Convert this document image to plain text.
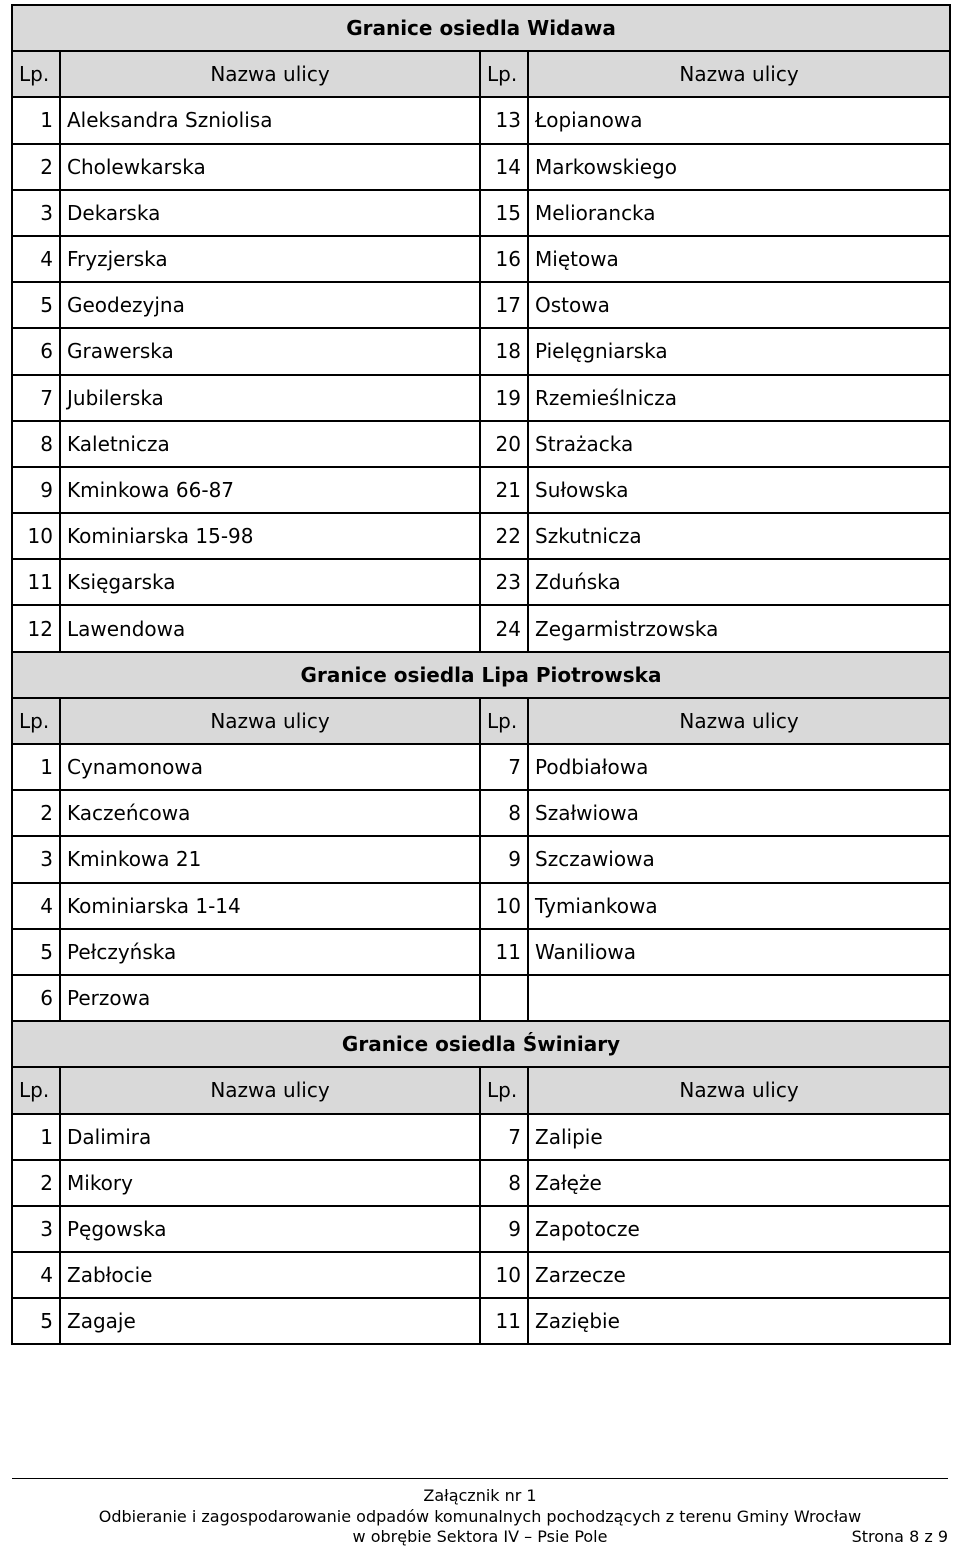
Granice osiedla Widawa			
Lp.	Nazwa ulicy	Lp.	Nazwa ulicy
1	Aleksandra Szniolisa	13	Łopianowa
2	Cholewkarska	14	Markowskiego
3	Dekarska	15	Meliorancka
4	Fryzjerska	16	Miętowa
5	Geodezyjna	17	Ostowa
6	Grawerska	18	Pielęgniarska
7	Jubilerska	19	Rzemieślnicza
8	Kaletnicza	20	Strażacka
9	Kminkowa 66-87	21	Sułowska
10	Kominiarska 15-98	22	Szkutnicza
11	Księgarska	23	Zduńska
12	Lawendowa	24	Zegarmistrzowska
Granice osiedla Lipa Piotrowska			
Lp.	Nazwa ulicy	Lp.	Nazwa ulicy
1	Cynamonowa	7	Podbiałowa
2	Kaczeńcowa	8	Szałwiowa
3	Kminkowa 21	9	Szczawiowa
4	Kominiarska 1-14	10	Tymiankowa
5	Pełczyńska	11	Waniliowa
6	Perzowa		
Granice osiedla Świniary			
Lp.	Nazwa ulicy	Lp.	Nazwa ulicy
1	Dalimira	7	Zalipie
2	Mikory	8	Załęże
3	Pęgowska	9	Zapotocze
4	Zabłocie	10	Zarzecze
5	Zagaje	11	Zaziębie
Załącznik nr 1
Odbieranie i zagospodarowanie odpadów komunalnych pochodzących z terenu Gminy Wrocław
w obrębie Sektora IV – Psie Pole	Strona 8 z 9
